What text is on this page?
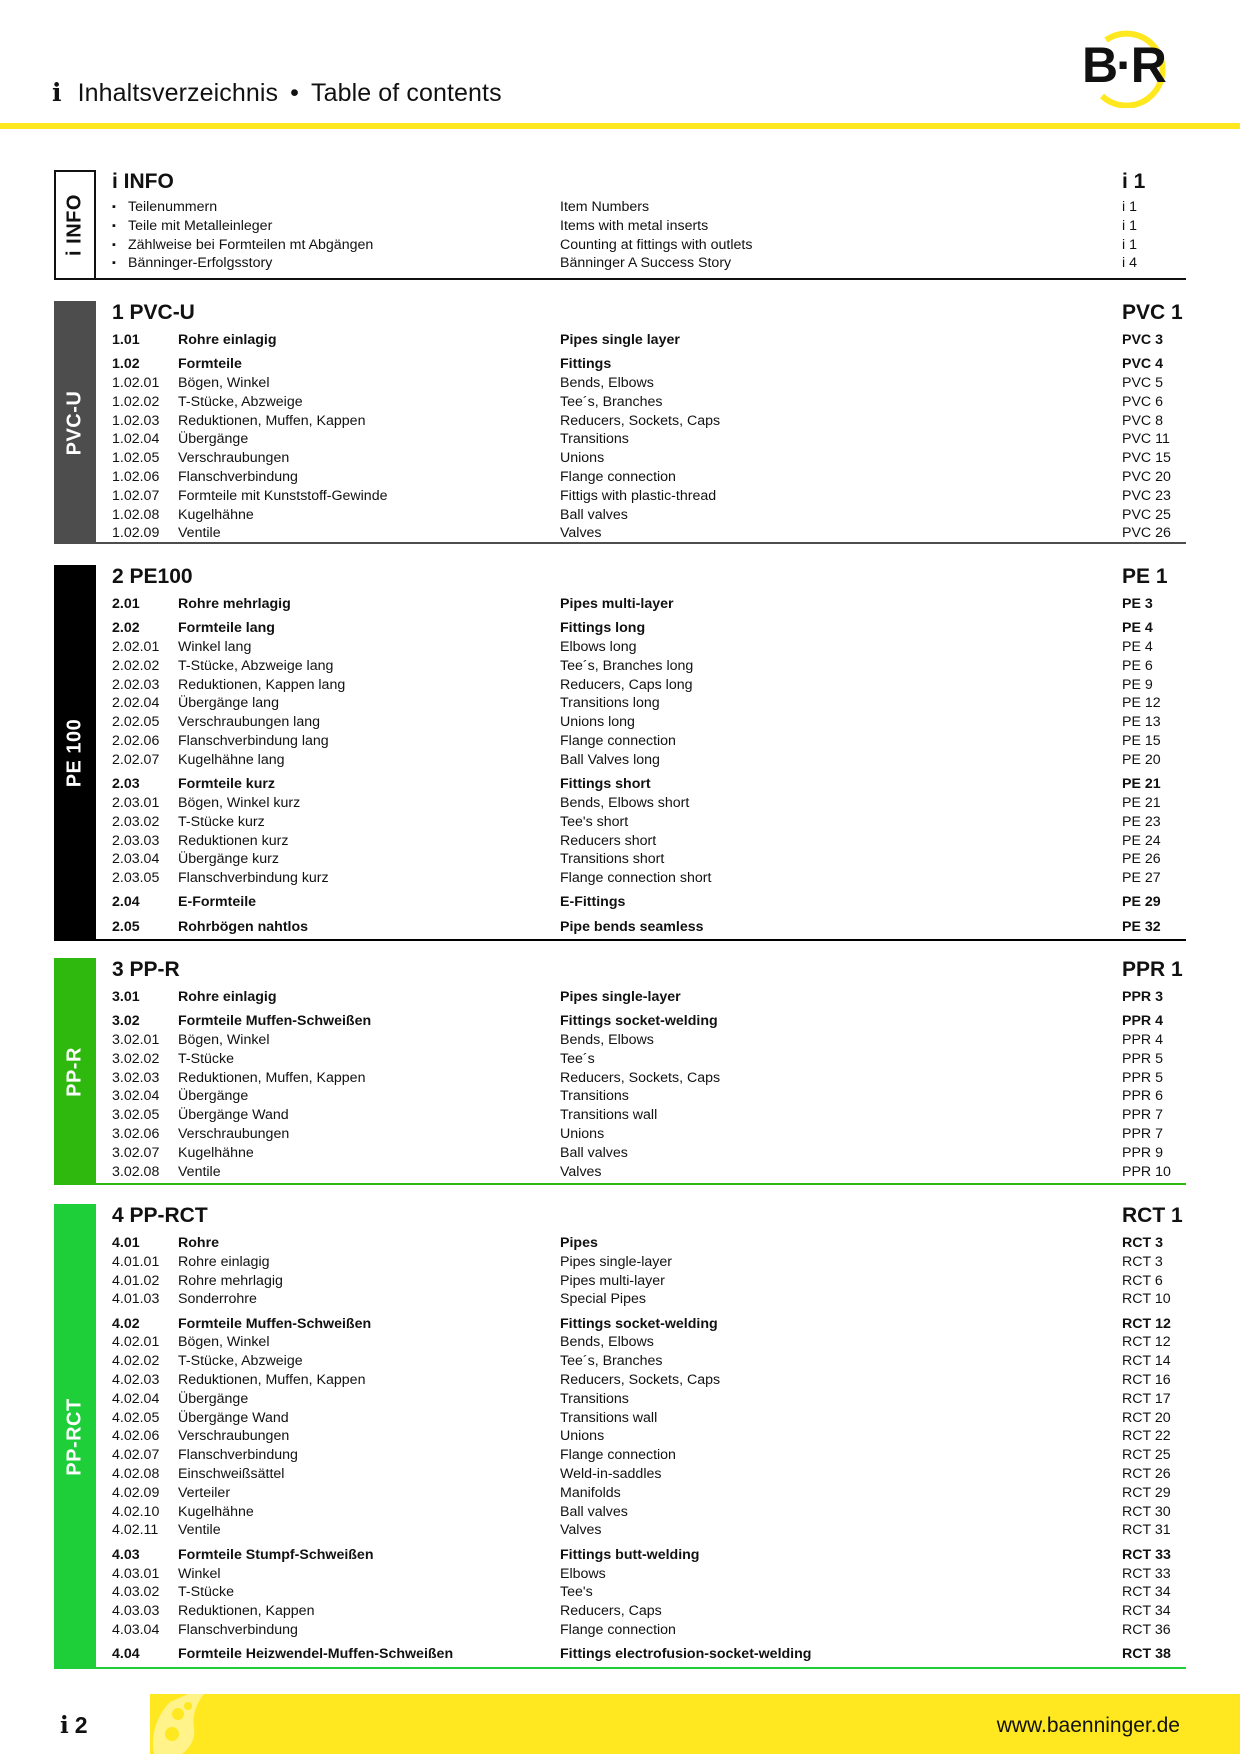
i Inhaltsverzeichnis • Table of contents	B·R
i INFO
i INFO	i 1
▪ Teilenummern	Item Numbers	i 1
▪ Teile mit Metalleinleger	Items with metal inserts	i 1
▪ Zählweise bei Formteilen mt Abgängen	Counting at fittings with outlets	i 1
▪ Bänninger-Erfolgsstory	Bänninger A Success Story	i 4
PVC-U
1 PVC-U	PVC 1
1.01	Rohre einlagig	Pipes single layer	PVC 3
1.02	Formteile	Fittings	PVC 4
1.02.01 Bögen, Winkel	Bends, Elbows	PVC 5
1.02.02 T-Stücke, Abzweige	Tee´s, Branches	PVC 6
1.02.03 Reduktionen, Muffen, Kappen	Reducers, Sockets, Caps	PVC 8
1.02.04 Übergänge	Transitions	PVC 11
1.02.05 Verschraubungen	Unions	PVC 15
1.02.06 Flanschverbindung	Flange connection	PVC 20
1.02.07 Formteile mit Kunststoff-Gewinde	Fittigs with plastic-thread	PVC 23
1.02.08 Kugelhähne	Ball valves	PVC 25
1.02.09 Ventile	Valves	PVC 26
PE 100
2 PE100	PE 1
2.01	Rohre mehrlagig	Pipes multi-layer	PE 3
2.02	Formteile lang	Fittings long	PE 4
2.02.01 Winkel lang	Elbows long	PE 4
2.02.02 T-Stücke, Abzweige lang	Tee´s, Branches long	PE 6
2.02.03 Reduktionen, Kappen lang	Reducers, Caps long	PE 9
2.02.04 Übergänge lang	Transitions long	PE 12
2.02.05 Verschraubungen lang	Unions long	PE 13
2.02.06 Flanschverbindung lang	Flange connection	PE 15
2.02.07 Kugelhähne lang	Ball Valves long	PE 20
2.03	Formteile kurz	Fittings short	PE 21
2.03.01 Bögen, Winkel kurz	Bends, Elbows short	PE 21
2.03.02 T-Stücke kurz	Tee's short	PE 23
2.03.03 Reduktionen kurz	Reducers short	PE 24
2.03.04 Übergänge kurz	Transitions short	PE 26
2.03.05 Flanschverbindung kurz	Flange connection short	PE 27
2.04	E-Formteile	E-Fittings	PE 29
2.05	Rohrbögen nahtlos	Pipe bends seamless	PE 32
PP-R
3 PP-R	PPR 1
3.01	Rohre einlagig	Pipes single-layer	PPR 3
3.02	Formteile Muffen-Schweißen	Fittings socket-welding	PPR 4
3.02.01 Bögen, Winkel	Bends, Elbows	PPR 4
3.02.02 T-Stücke	Tee´s	PPR 5
3.02.03 Reduktionen, Muffen, Kappen	Reducers, Sockets, Caps	PPR 5
3.02.04 Übergänge	Transitions	PPR 6
3.02.05 Übergänge Wand	Transitions wall	PPR 7
3.02.06 Verschraubungen	Unions	PPR 7
3.02.07 Kugelhähne	Ball valves	PPR 9
3.02.08 Ventile	Valves	PPR 10
PP-RCT
4 PP-RCT	RCT 1
4.01	Rohre	Pipes	RCT 3
4.01.01 Rohre einlagig	Pipes single-layer	RCT 3
4.01.02 Rohre mehrlagig	Pipes multi-layer	RCT 6
4.01.03 Sonderrohre	Special Pipes	RCT 10
4.02	Formteile Muffen-Schweißen	Fittings socket-welding	RCT 12
4.02.01 Bögen, Winkel	Bends, Elbows	RCT 12
4.02.02 T-Stücke, Abzweige	Tee´s, Branches	RCT 14
4.02.03 Reduktionen, Muffen, Kappen	Reducers, Sockets, Caps	RCT 16
4.02.04 Übergänge	Transitions	RCT 17
4.02.05 Übergänge Wand	Transitions wall	RCT 20
4.02.06 Verschraubungen	Unions	RCT 22
4.02.07 Flanschverbindung	Flange connection	RCT 25
4.02.08 Einschweißsättel	Weld-in-saddles	RCT 26
4.02.09 Verteiler	Manifolds	RCT 29
4.02.10 Kugelhähne	Ball valves	RCT 30
4.02.11 Ventile	Valves	RCT 31
4.03	Formteile Stumpf-Schweißen	Fittings butt-welding	RCT 33
4.03.01 Winkel	Elbows	RCT 33
4.03.02 T-Stücke	Tee's	RCT 34
4.03.03 Reduktionen, Kappen	Reducers, Caps	RCT 34
4.03.04 Flanschverbindung	Flange connection	RCT 36
4.04	Formteile Heizwendel-Muffen-Schweißen	Fittings electrofusion-socket-welding	RCT 38
i 2	www.baenninger.de
